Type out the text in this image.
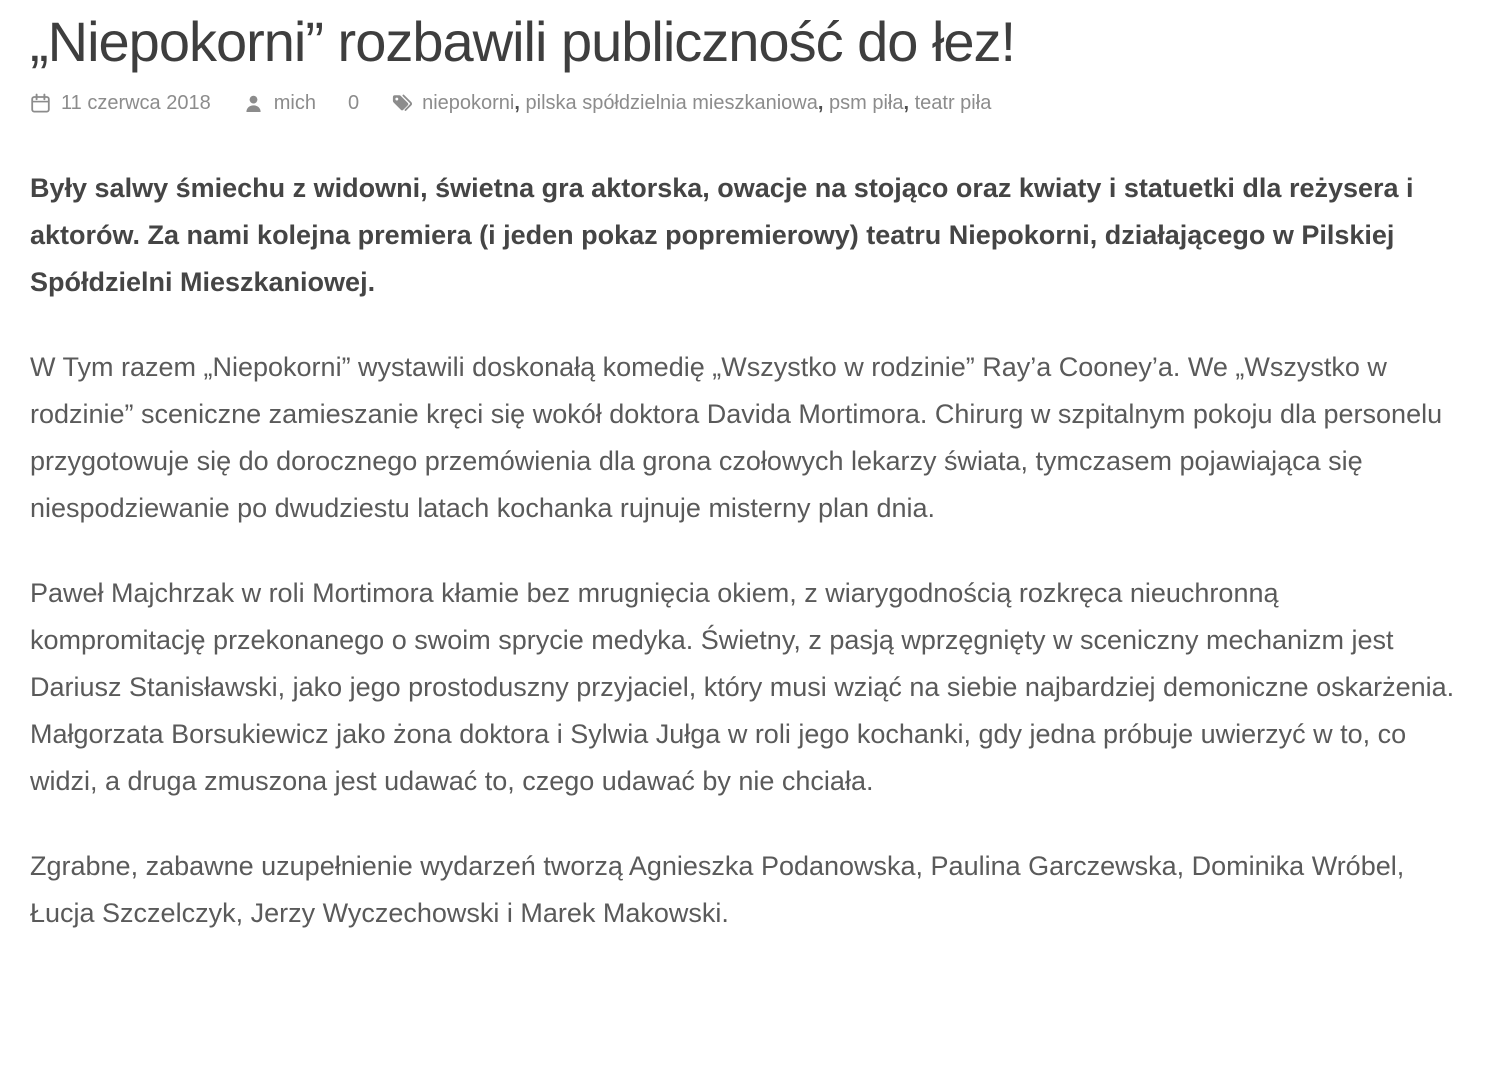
„Niepokorni” rozbawili publiczność do łez!
11 czerwca 2018	mich 0	niepokorni, pilska spółdzielnia mieszkaniowa, psm piła, teatr piła

Były salwy śmiechu z widowni, świetna gra aktorska, owacje na stojąco oraz kwiaty i statuetki dla reżysera i aktorów. Za nami kolejna premiera (i jeden pokaz popremierowy) teatru Niepokorni, działającego w Pilskiej Spółdzielni Mieszkaniowej.

W Tym razem „Niepokorni” wystawili doskonałą komedię „Wszystko w rodzinie” Ray’a Cooney’a. We „Wszystko w rodzinie” sceniczne zamieszanie kręci się wokół doktora Davida Mortimora. Chirurg w szpitalnym pokoju dla personelu przygotowuje się do dorocznego przemówienia dla grona czołowych lekarzy świata, tymczasem pojawiająca się niespodziewanie po dwudziestu latach kochanka rujnuje misterny plan dnia.

Paweł Majchrzak w roli Mortimora kłamie bez mrugnięcia okiem, z wiarygodnością rozkręca nieuchronną kompromitację przekonanego o swoim sprycie medyka. Świetny, z pasją wprzęgnięty w sceniczny mechanizm jest Dariusz Stanisławski, jako jego prostoduszny przyjaciel, który musi wziąć na siebie najbardziej demoniczne oskarżenia. Małgorzata Borsukiewicz jako żona doktora i Sylwia Jułga w roli jego kochanki, gdy jedna próbuje uwierzyć w to, co widzi, a druga zmuszona jest udawać to, czego udawać by nie chciała.

Zgrabne, zabawne uzupełnienie wydarzeń tworzą Agnieszka Podanowska, Paulina Garczewska, Dominika Wróbel, Łucja Szczelczyk, Jerzy Wyczechowski i Marek Makowski.
